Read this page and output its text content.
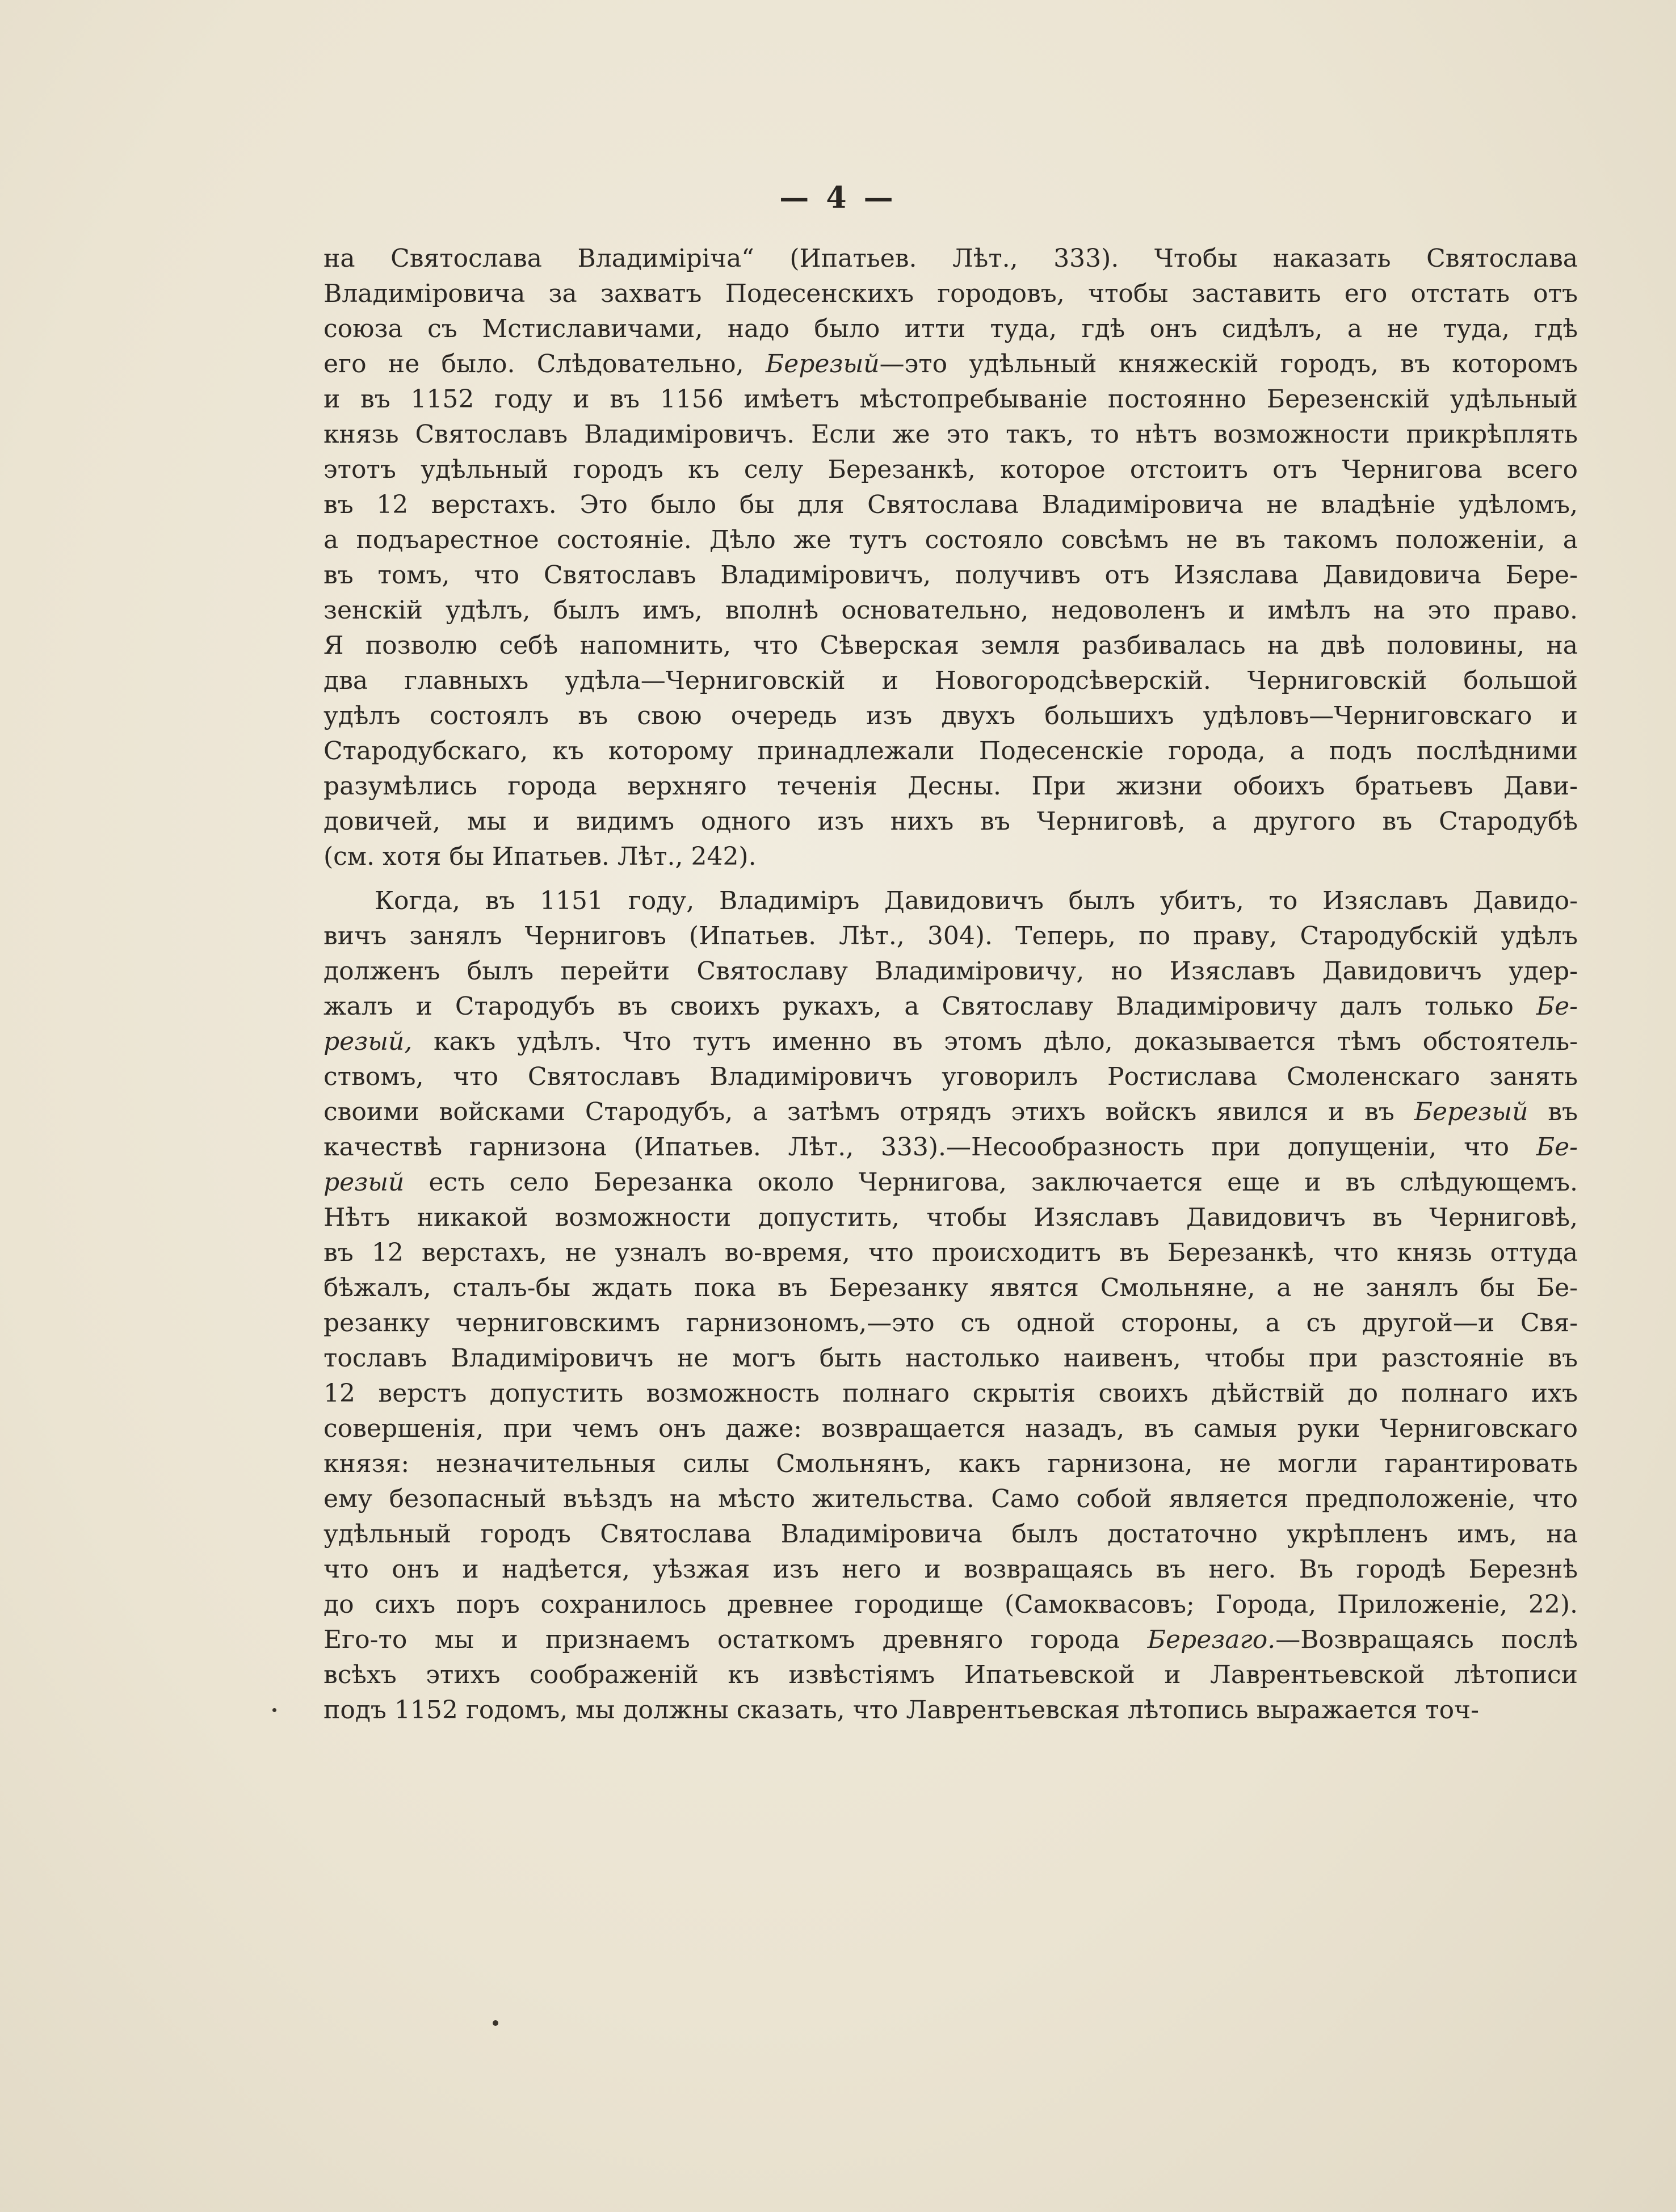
— 4 —
на Святослава Владимiрiча“ (Ипатьев. Лѣт., 333). Чтобы наказать Святослава
Владимiровича за захватъ Подесенскихъ городовъ, чтобы заставить его отстать отъ
союза съ Мстиславичами, надо было итти туда, гдѣ онъ сидѣлъ, а не туда, гдѣ
его не было. Слѣдовательно, Березый—это удѣльный княжескiй городъ, въ которомъ
и въ 1152 году и въ 1156 имѣетъ мѣстопребыванiе постоянно Березенскiй удѣльный
князь Святославъ Владимiровичъ. Если же это такъ, то нѣтъ возможности прикрѣплять
этотъ удѣльный городъ къ селу Березанкѣ, которое отстоитъ отъ Чернигова всего
въ 12 верстахъ. Это было бы для Святослава Владимiровича не владѣнiе удѣломъ,
а подъарестное состоянiе. Дѣло же тутъ состояло совсѣмъ не въ такомъ положенiи, а
въ томъ, что Святославъ Владимiровичъ, получивъ отъ Изяслава Давидовича Бере-
зенскiй удѣлъ, былъ имъ, вполнѣ основательно, недоволенъ и имѣлъ на это право.
Я позволю себѣ напомнить, что Сѣверская земля разбивалась на двѣ половины, на
два главныхъ удѣла—Черниговскiй и Новогородсѣверскiй. Черниговскiй большой
удѣлъ состоялъ въ свою очередь изъ двухъ большихъ удѣловъ—Черниговскаго и
Стародубскаго, къ которому принадлежали Подесенскiе города, а подъ послѣдними
разумѣлись города верхняго теченiя Десны. При жизни обоихъ братьевъ Дави-
довичей, мы и видимъ одного изъ нихъ въ Черниговѣ, а другого въ Стародубѣ
(см. хотя бы Ипатьев. Лѣт., 242).
Когда, въ 1151 году, Владимiръ Давидовичъ былъ убитъ, то Изяславъ Давидо-
вичъ занялъ Черниговъ (Ипатьев. Лѣт., 304). Теперь, по праву, Стародубскiй удѣлъ
долженъ былъ перейти Святославу Владимiровичу, но Изяславъ Давидовичъ удер-
жалъ и Стародубъ въ своихъ рукахъ, а Святославу Владимiровичу далъ только Бе-
резый, какъ удѣлъ. Что тутъ именно въ этомъ дѣло, доказывается тѣмъ обстоятель-
ствомъ, что Святославъ Владимiровичъ уговорилъ Ростислава Смоленскаго занять
своими войсками Стародубъ, а затѣмъ отрядъ этихъ войскъ явился и въ Березый въ
качествѣ гарнизона (Ипатьев. Лѣт., 333).—Несообразность при допущенiи, что Бе-
резый есть село Березанка около Чернигова, заключается еще и въ слѣдующемъ.
Нѣтъ никакой возможности допустить, чтобы Изяславъ Давидовичъ въ Черниговѣ,
въ 12 верстахъ, не узналъ во-время, что происходитъ въ Березанкѣ, что князь оттуда
бѣжалъ, сталъ-бы ждать пока въ Березанку явятся Смольняне, а не занялъ бы Бе-
резанку черниговскимъ гарнизономъ,—это съ одной стороны, а съ другой—и Свя-
тославъ Владимiровичъ не могъ быть настолько наивенъ, чтобы при разстоянiе въ
12 верстъ допустить возможность полнаго скрытiя своихъ дѣйствiй до полнаго ихъ
совершенiя, при чемъ онъ даже: возвращается назадъ, въ самыя руки Черниговскаго
князя: незначительныя силы Смольнянъ, какъ гарнизона, не могли гарантировать
ему безопасный въѣздъ на мѣсто жительства. Само собой является предположенiе, что
удѣльный городъ Святослава Владимiровича былъ достаточно укрѣпленъ имъ, на
что онъ и надѣется, уѣзжая изъ него и возвращаясь въ него. Въ городѣ Березнѣ
до сихъ поръ сохранилось древнее городище (Самоквасовъ; Города, Приложенiе, 22).
Его-то мы и признаемъ остаткомъ древняго города Березаго.—Возвращаясь послѣ
всѣхъ этихъ соображенiй къ извѣстiямъ Ипатьевской и Лаврентьевской лѣтописи
подъ 1152 годомъ, мы должны сказать, что Лаврентьевская лѣтопись выражается точ-
